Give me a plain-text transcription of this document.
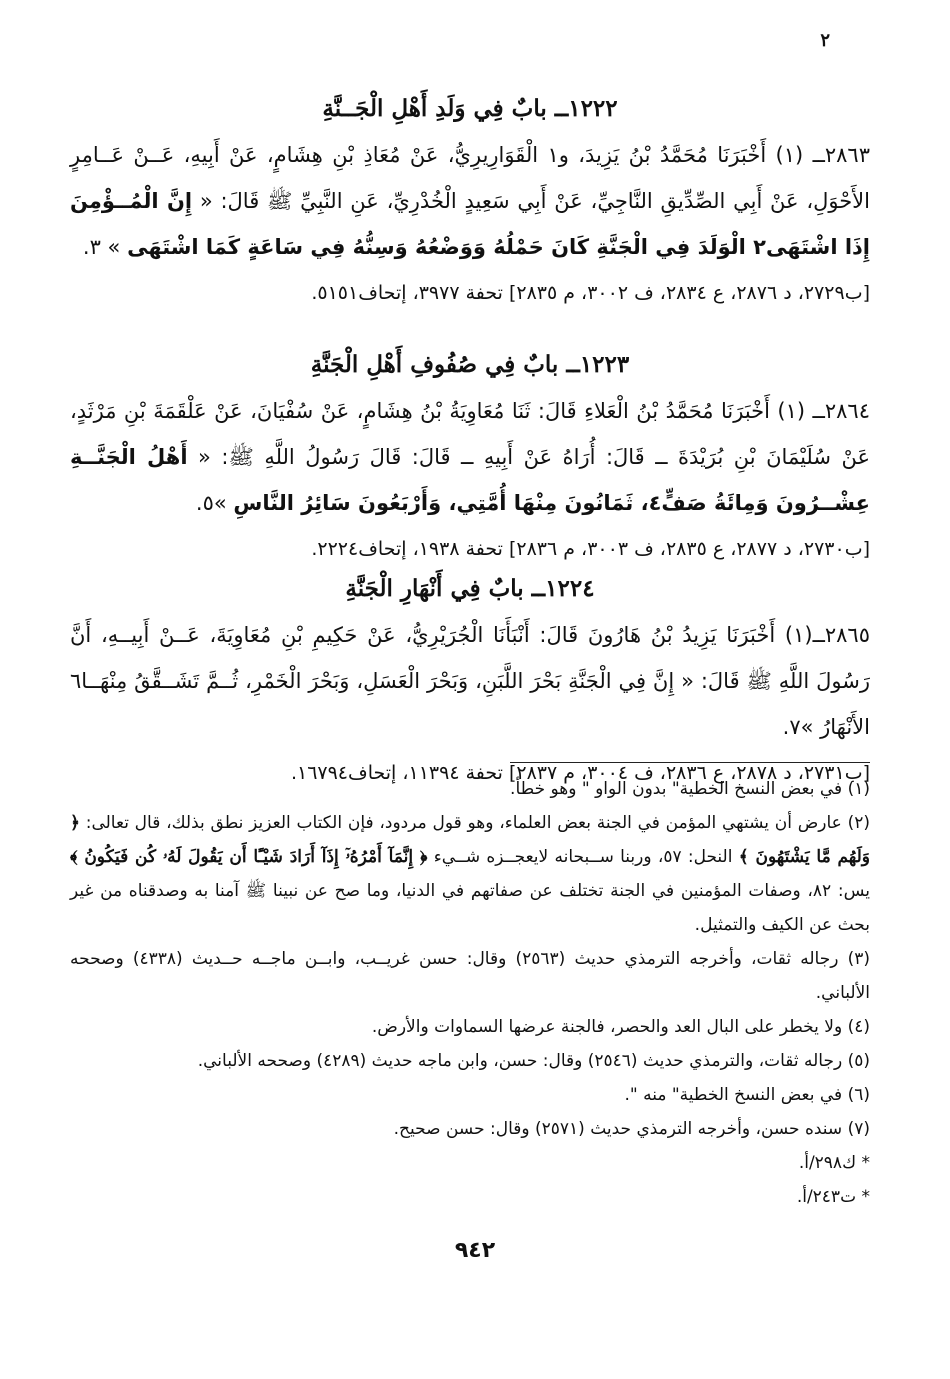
٢
١٢٢٢ــ بابٌ فِي وَلَدِ أَهْلِ الْجَــنَّةِ

٢٨٦٣ــ (١) أَخْبَرَنَا مُحَمَّدُ بْنُ يَزِيدَ، و١ الْقَوَارِيرِيُّ، عَنْ مُعَاذِ بْنِ هِشَامٍ، عَنْ أَبِيهِ، عَــنْ عَــامِرٍ الأَحْوَلِ، عَنْ أَبِي الصِّدِّيقِ النَّاجِيِّ، عَنْ أَبِي سَعِيدٍ الْخُدْرِيِّ، عَنِ النَّبِيِّ ﷺ قَالَ: « إِنَّ الْمُــؤْمِنَ إِذَا اشْتَهَى٢ الْوَلَدَ فِي الْجَنَّةِ كَانَ حَمْلُهُ وَوَضْعُهُ وَسِنُّهُ فِي سَاعَةٍ كَمَا اشْتَهَى » ٣.

[ب٢٧٢٩، د ٢٨٧٦، ع ٢٨٣٤، ف ٣٠٠٢، م ٢٨٣٥] تحفة ٣٩٧٧، إتحاف٥١٥١.

١٢٢٣ــ بابٌ فِي صُفُوفِ أَهْلِ الْجَنَّةِ

٢٨٦٤ــ (١) أَخْبَرَنَا مُحَمَّدُ بْنُ الْعَلاءِ قَالَ: ثَنَا مُعَاوِيَةُ بْنُ هِشَامٍ، عَنْ سُفْيَانَ، عَنْ عَلْقَمَةَ بْنِ مَرْثَدٍ، عَنْ سُلَيْمَانَ بْنِ بُرَيْدَةَ ــ قَالَ: أُرَاهُ عَنْ أَبِيهِ ــ قَالَ: قَالَ رَسُولُ اللَّهِ ﷺ: « أَهْلُ الْجَنَّــةِ عِشْــرُونَ وَمِائَةُ صَفٍّ٤، ثَمَانُونَ مِنْهَا أُمَّتِي، وَأَرْبَعُونَ سَائِرُ النَّاسِ »٥.

[ب٢٧٣٠، د ٢٨٧٧، ع ٢٨٣٥، ف ٣٠٠٣، م ٢٨٣٦] تحفة ١٩٣٨، إتحاف٢٢٢٤.

١٢٢٤ــ بابٌ فِي أَنْهَارِ الْجَنَّةِ

٢٨٦٥ــ(١) أَخْبَرَنَا يَزِيدُ بْنُ هَارُونَ قَالَ: أَنْبَأَنَا الْجُرَيْرِيُّ، عَنْ حَكِيمِ بْنِ مُعَاوِيَةَ، عَــنْ أَبِيــهِ، أَنَّ رَسُولَ اللَّهِ ﷺ قَالَ: « إِنَّ فِي الْجَنَّةِ بَحْرَ اللَّبَنِ، وَبَحْرَ الْعَسَلِ، وَبَحْرَ الْخَمْرِ، ثُــمَّ تَشَــقَّقُ مِنْهَــا٦ الأَنْهَارُ »٧.

[ب٢٧٣١، د ٢٨٧٨، ع ٢٨٣٦، ف ٣٠٠٤، م ٢٨٣٧] تحفة ١١٣٩٤، إتحاف١٦٧٩٤.

(١) في بعض النسخ الخطية" بدون الواو " وهو خطأ.

(٢) عارض أن يشتهي المؤمن في الجنة بعض العلماء، وهو قول مردود، فإن الكتاب العزيز نطق بذلك، قال تعالى: ﴿ وَلَهُم مَّا يَشْتَهُونَ ﴾ النحل: ٥٧، وربنا ســبحانه لايعجــزه شــيء ﴿ إِنَّمَآ أَمْرُهُۥٓ إِذَآ أَرَادَ شَيْـًٔا أَن يَقُولَ لَهُۥ كُن فَيَكُونُ ﴾ يس: ٨٢، وصفات المؤمنين في الجنة تختلف عن صفاتهم في الدنيا، وما صح عن نبينا ﷺ آمنا به وصدقناه من غير بحث عن الكيف والتمثيل.

(٣) رجاله ثقات، وأخرجه الترمذي حديث (٢٥٦٣) وقال: حسن غريــب، وابــن ماجــه حــديث (٤٣٣٨) وصححه الألباني.

(٤) ولا يخطر على البال العد والحصر، فالجنة عرضها السماوات والأرض.

(٥) رجاله ثقات، والترمذي حديث (٢٥٤٦) وقال: حسن، وابن ماجه حديث (٤٢٨٩) وصححه الألباني.

(٦) في بعض النسخ الخطية" منه ".

(٧) سنده حسن، وأخرجه الترمذي حديث (٢٥٧١) وقال: حسن صحيح.

* ك٢٩٨/أ.

* ت٢٤٣/أ.

٩٤٢
